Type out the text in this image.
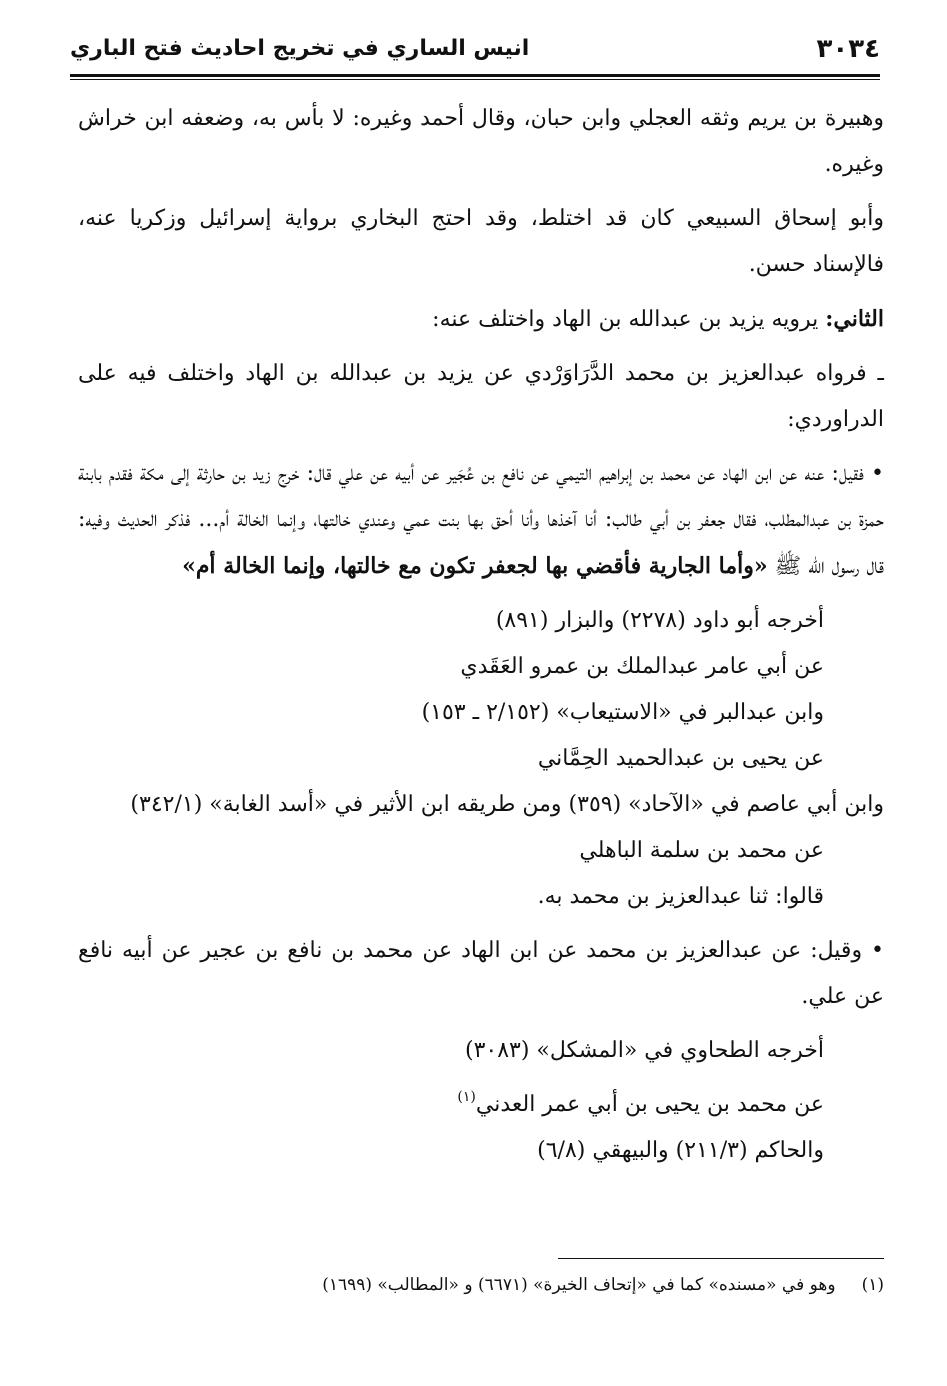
٣٠٣٤
انيس الساري في تخريج احاديث فتح الباري

وهبيرة بن يريم وثقه العجلي وابن حبان، وقال أحمد وغيره: لا بأس به، وضعفه ابن خراش وغيره.

وأبو إسحاق السبيعي كان قد اختلط، وقد احتج البخاري برواية إسرائيل وزكريا عنه، فالإسناد حسن.

الثاني: يرويه يزيد بن عبدالله بن الهاد واختلف عنه:

ـ فرواه عبدالعزيز بن محمد الدَّرَاوَرْدي عن يزيد بن عبدالله بن الهاد واختلف فيه على الدراوردي:

• فقيل: عنه عن ابن الهاد عن محمد بن إبراهيم التيمي عن نافع بن عُجَير عن أبيه عن علي قال: خرج زيد بن حارثة إلى مكة فقدم بابنة حمزة بن عبدالمطلب، فقال جعفر بن أبي طالب: أنا آخذها وأنا أحق بها بنت عمي وعندي خالتها، وإنما الخالة أم... فذكر الحديث وفيه: قال رسول الله ﷺ «وأما الجارية فأقضي بها لجعفر تكون مع خالتها، وإنما الخالة أم»

أخرجه أبو داود (٢٢٧٨) والبزار (٨٩١)

عن أبي عامر عبدالملك بن عمرو العَقَدي

وابن عبدالبر في «الاستيعاب» (٢/١٥٢ ـ ١٥٣)

عن يحيى بن عبدالحميد الحِمَّاني

وابن أبي عاصم في «الآحاد» (٣٥٩) ومن طريقه ابن الأثير في «أسد الغابة» (٣٤٢/١)

عن محمد بن سلمة الباهلي

قالوا: ثنا عبدالعزيز بن محمد به.

• وقيل: عن عبدالعزيز بن محمد عن ابن الهاد عن محمد بن نافع بن عجير عن أبيه نافع عن علي.

أخرجه الطحاوي في «المشكل» (٣٠٨٣)

عن محمد بن يحيى بن أبي عمر العدني$^{(١)}$

والحاكم (٢١١/٣) والبيهقي (٦/٨)

(١)وهو في «مسنده» كما في «إتحاف الخيرة» (٦٦٧١) و «المطالب» (١٦٩٩)
